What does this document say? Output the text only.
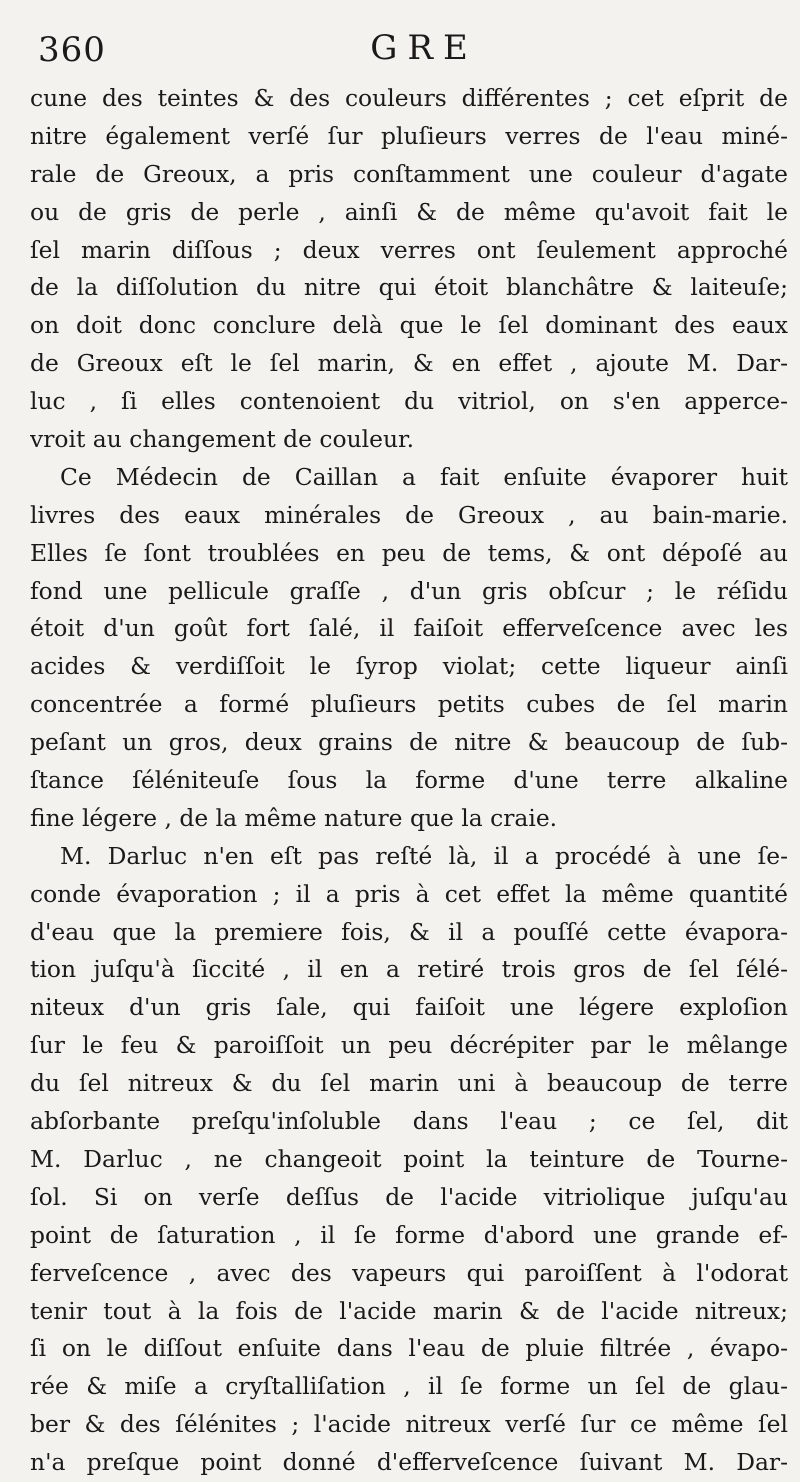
360	GRE
cune des teintes & des couleurs différentes ; cet eſprit de
nitre également verſé ſur pluſieurs verres de l'eau miné-
rale de Greoux, a pris conſtamment une couleur d'agate
ou de gris de perle , ainſi & de même qu'avoit fait le
ſel marin diſſous ; deux verres ont ſeulement approché
de la diſſolution du nitre qui étoit blanchâtre & laiteuſe;
on doit donc conclure delà que le ſel dominant des eaux
de Greoux eſt le ſel marin, & en effet , ajoute M. Dar-
luc , ſi elles contenoient du vitriol, on s'en apperce-
vroit au changement de couleur.
Ce Médecin de Caillan a fait enſuite évaporer huit
livres des eaux minérales de Greoux , au bain-marie.
Elles ſe ſont troublées en peu de tems, & ont dépoſé au
fond une pellicule graſſe , d'un gris obſcur ; le réſidu
étoit d'un goût fort ſalé, il faiſoit efferveſcence avec les
acides & verdiſſoit le ſyrop violat; cette liqueur ainſi
concentrée a formé pluſieurs petits cubes de ſel marin
peſant un gros, deux grains de nitre & beaucoup de ſub-
ſtance ſéléniteuſe ſous la forme d'une terre alkaline
fine légere , de la même nature que la craie.
M. Darluc n'en eſt pas reſté là, il a procédé à une ſe-
conde évaporation ; il a pris à cet effet la même quantité
d'eau que la premiere fois, & il a pouſſé cette évapora-
tion juſqu'à ſiccité , il en a retiré trois gros de ſel ſélé-
niteux d'un gris ſale, qui faiſoit une légere exploſion
ſur le feu & paroiſſoit un peu décrépiter par le mêlange
du ſel nitreux & du ſel marin uni à beaucoup de terre
abſorbante preſqu'inſoluble dans l'eau ; ce ſel, dit
M. Darluc , ne changeoit point la teinture de Tourne-
ſol. Si on verſe deſſus de l'acide vitriolique juſqu'au
point de ſaturation , il ſe forme d'abord une grande ef-
ferveſcence , avec des vapeurs qui paroiſſent à l'odorat
tenir tout à la fois de l'acide marin & de l'acide nitreux;
ſi on le diſſout enſuite dans l'eau de pluie filtrée , évapo-
rée & miſe a cryſtalliſation , il ſe forme un ſel de glau-
ber & des ſélénites ; l'acide nitreux verſé ſur ce même ſel
n'a preſque point donné d'efferveſcence ſuivant M. Dar-
